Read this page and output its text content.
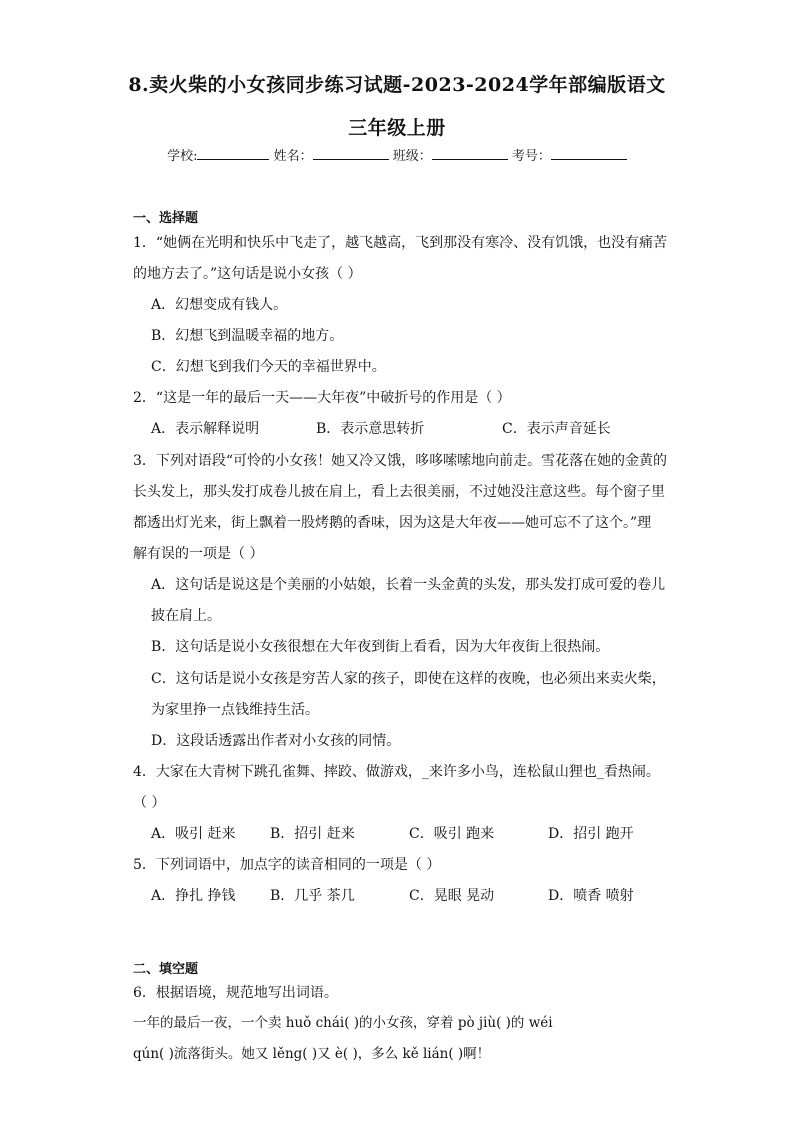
8.卖火柴的小女孩同步练习试题-2023-2024学年部编版语文
三年级上册
学校:	姓名：	班级：	考号：
一、选择题
1．“她俩在光明和快乐中飞走了，越飞越高，飞到那没有寒冷、没有饥饿，也没有痛苦
的地方去了。”这句话是说小女孩（ ）
A．幻想变成有钱人。
B．幻想飞到温暖幸福的地方。
C．幻想飞到我们今天的幸福世界中。
2．“这是一年的最后一天——大年夜”中破折号的作用是（ ）
A．表示解释说明	B．表示意思转折	C．表示声音延长
3．下列对语段“可怜的小女孩！她又冷又饿，哆哆嗦嗦地向前走。雪花落在她的金黄的
长头发上，那头发打成卷儿披在肩上，看上去很美丽，不过她没注意这些。每个窗子里
都透出灯光来，街上飘着一股烤鹅的香味，因为这是大年夜——她可忘不了这个。”理
解有误的一项是（ ）
A．这句话是说这是个美丽的小姑娘，长着一头金黄的头发，那头发打成可爱的卷儿
披在肩上。
B．这句话是说小女孩很想在大年夜到街上看看，因为大年夜街上很热闹。
C．这句话是说小女孩是穷苦人家的孩子，即使在这样的夜晚，也必须出来卖火柴，
为家里挣一点钱维持生活。
D．这段话透露出作者对小女孩的同情。
4．大家在大青树下跳孔雀舞、摔跤、做游戏，_来许多小鸟，连松鼠山狸也_看热闹。
（ ）
A．吸引 赶来 B．招引 赶来	C．吸引 跑来	D．招引 跑开
5．下列词语中，加点字的读音相同的一项是（ ）
A．挣扎 挣钱 B．几乎 茶几	C．晃眼 晃动	D．喷香 喷射
二、填空题
6．根据语境，规范地写出词语。
一年的最后一夜，一个卖 huǒ chái( )的小女孩，穿着 pò jiù( )的 wéi
qún( )流落街头。她又 lěng( )又 è( )，多么 kě lián( )啊！
